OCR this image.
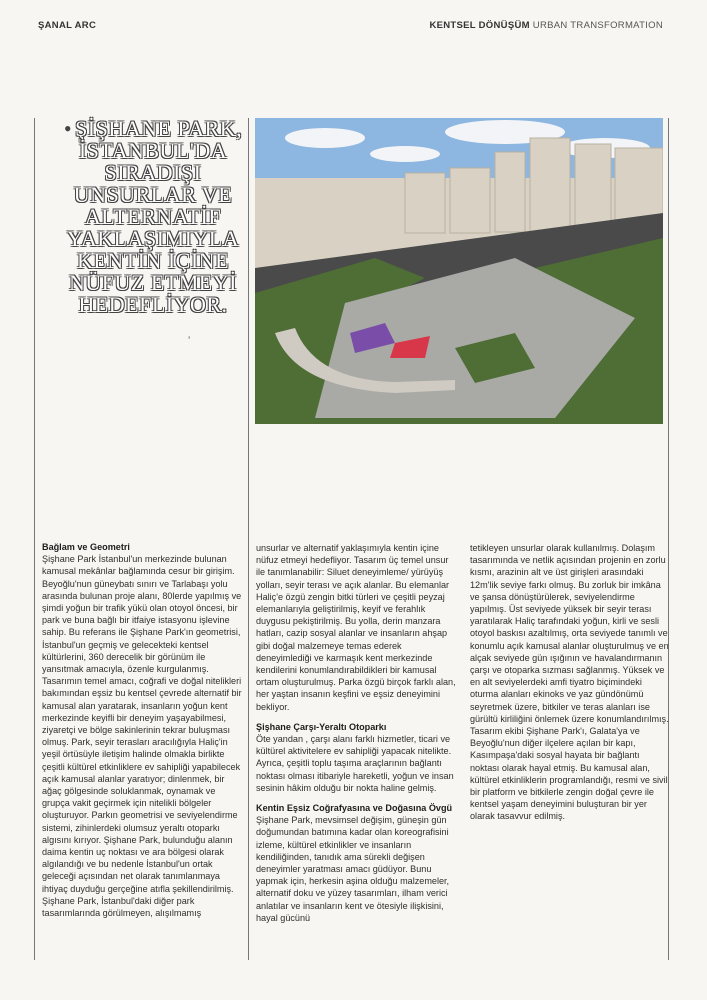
ŞANAL ARC	KENTSEL DÖNÜŞÜM URBAN TRANSFORMATION
• ŞİŞHANE PARK, İSTANBUL'DA SIRADIŞI UNSURLAR VE ALTERNATİF YAKLAŞIMIYLA KENTİN İÇİNE NÜFUZ ETMEYİ HEDEFLİYOR.
ʼ

Bağlam ve Geometri

Şişhane Park İstanbul'un merkezinde bulunan kamusal mekânlar bağlamında cesur bir girişim. Beyoğlu'nun güneybatı sınırı ve Tarlabaşı yolu arasında bulunan proje alanı, 80lerde yapılmış ve şimdi yoğun bir trafik yükü olan otoyol öncesi, bir park ve buna bağlı bir itfaiye istasyonu işlevine sahip. Bu referans ile Şişhane Park'ın geometrisi, İstanbul'un geçmiş ve gelecekteki kentsel kültürlerini, 360 derecelik bir görünüm ile yansıtmak amacıyla, özenle kurgulanmış. Tasarımın temel amacı, coğrafi ve doğal nitelikleri bakımından eşsiz bu kentsel çevrede alternatif bir kamusal alan yaratarak, insanların yoğun kent merkezinde keyifli bir deneyim yaşayabilmesi, ziyaretçi ve bölge sakinlerinin tekrar buluşması olmuş. Park, seyir terasları aracılığıyla Haliç'in yeşil örtüsüyle iletişim halinde olmakla birlikte çeşitli kültürel etkinliklere ev sahipliği yapabilecek açık kamusal alanlar yaratıyor; dinlenmek, bir ağaç gölgesinde soluklanmak, oynamak ve grupça vakit geçirmek için nitelikli bölgeler oluşturuyor. Parkın geometrisi ve seviyelendirme sistemi, zihinlerdeki olumsuz yeraltı otoparkı algısını kırıyor. Şişhane Park, bulunduğu alanın daima kentin uç noktası ve ara bölgesi olarak algılandığı ve bu nedenle İstanbul'un ortak geleceği açısından net olarak tanımlanmaya ihtiyaç duyduğu gerçeğine atıfla şekillendirilmiş.

Şişhane Park, İstanbul'daki diğer park tasarımlarında görülmeyen, alışılmamış

unsurlar ve alternatif yaklaşımıyla kentin içine nüfuz etmeyi hedefliyor. Tasarım üç temel unsur ile tanımlanabilir: Siluet deneyimleme/ yürüyüş yolları, seyir terası ve açık alanlar. Bu elemanlar Haliç'e özgü zengin bitki türleri ve çeşitli peyzaj elemanlarıyla geliştirilmiş, keyif ve ferahlık duygusu pekiştirilmiş. Bu yolla, derin manzara hatları, cazip sosyal alanlar ve insanların ahşap gibi doğal malzemeye temas ederek deneyimlediği ve karmaşık kent merkezinde kendilerini konumlandırabildikleri bir kamusal ortam oluşturulmuş. Parka özgü birçok farklı alan, her yaştan insanın keşfini ve eşsiz deneyimini bekliyor.

Şişhane Çarşı-Yeraltı Otoparkı

Öte yandan , çarşı alanı farklı hizmetler, ticari ve kültürel aktivitelere ev sahipliği yapacak nitelikte. Ayrıca, çeşitli toplu taşıma araçlarının bağlantı noktası olması itibariyle hareketli, yoğun ve insan sesinin hâkim olduğu bir nokta haline gelmiş.

Kentin Eşsiz Coğrafyasına ve Doğasına Övgü

Şişhane Park, mevsimsel değişim, güneşin gün doğumundan batımına kadar olan koreografisini izleme, kültürel etkinlikler ve insanların kendiliğinden, tanıdık ama sürekli değişen deneyimler yaratması amacı güdüyor. Bunu yapmak için, herkesin aşina olduğu malzemeler, alternatif doku ve yüzey tasarımları, ilham verici anlatılar ve insanların kent ve ötesiyle ilişkisini, hayal gücünü

tetikleyen unsurlar olarak kullanılmış. Dolaşım tasarımında ve netlik açısından projenin en zorlu kısmı, arazinin alt ve üst girişleri arasındaki 12m'lik seviye farkı olmuş. Bu zorluk bir imkâna ve şansa dönüştürülerek, seviyelendirme yapılmış. Üst seviyede yüksek bir seyir terası yaratılarak Haliç tarafındaki yoğun, kirli ve sesli otoyol baskısı azaltılmış, orta seviyede tanımlı ve konumlu açık kamusal alanlar oluşturulmuş ve en alçak seviyede gün ışığının ve havalandırmanın çarşı ve otoparka sızması sağlanmış. Yüksek ve en alt seviyelerdeki amfi tiyatro biçimindeki oturma alanları ekinoks ve yaz gündönümü seyretmek üzere, bitkiler ve teras alanları ise gürültü kirliliğini önlemek üzere konumlandırılmış. Tasarım ekibi Şişhane Park'ı, Galata'ya ve Beyoğlu'nun diğer ilçelere açılan bir kapı, Kasımpaşa'daki sosyal hayata bir bağlantı noktası olarak hayal etmiş. Bu kamusal alan, kültürel etkinliklerin programlandığı, resmi ve sivil bir platform ve bitkilerle zengin doğal çevre ile kentsel yaşam deneyimini buluşturan bir yer olarak tasavvur edilmiş.
